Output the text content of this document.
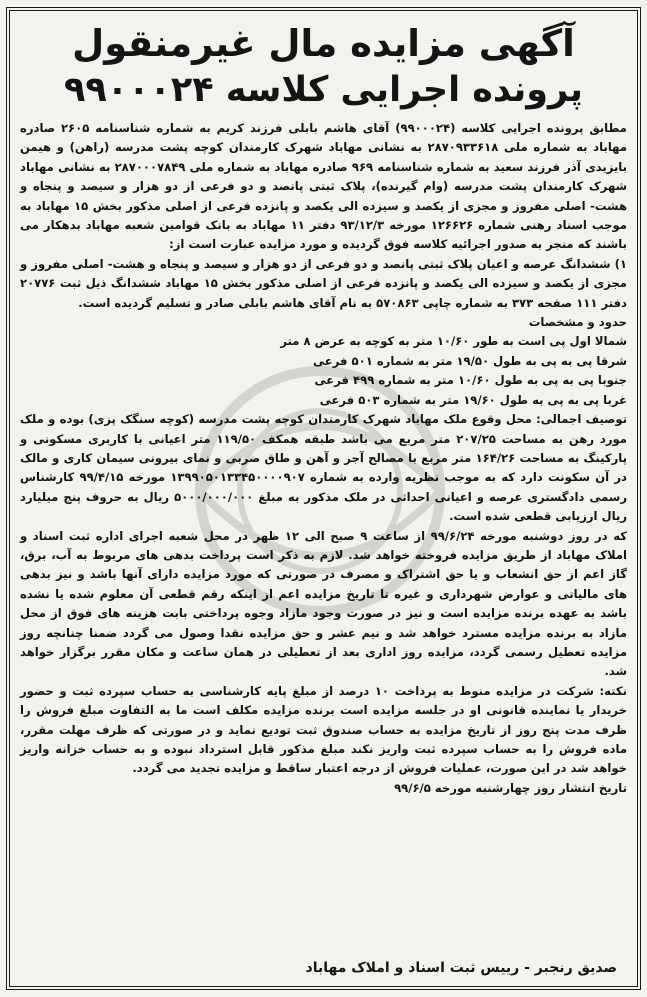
آگهی مزایده مال غیرمنقول
پرونده اجرایی کلاسه ۹۹۰۰۰۲۴

مطابق پرونده اجرایی کلاسه (۹۹۰۰۰۲۴) آقای هاشم بابلی فرزند کریم به شماره شناسنامه ۲۶۰۵ صادره مهاباد به شماره ملی ۲۸۷۰۹۳۳۶۱۸ به نشانی مهاباد شهرک کارمندان کوچه پشت مدرسه (راهن) و هیمن بایزیدی آذر فرزند سعید به شماره شناسنامه ۹۶۹ صادره مهاباد به شماره ملی ۲۸۷۰۰۰۷۸۴۹ به نشانی مهاباد شهرک کارمندان پشت مدرسه (وام گیرنده)، پلاک ثبتی پانصد و دو فرعی از دو هزار و سیصد و پنجاه و هشت- اصلی مفروز و مجزی از یکصد و سیزده الی یکصد و پانزده فرعی از اصلی مذکور بخش ۱۵ مهاباد به موجب اسناد رهنی شماره ۱۲۶۶۲۶ مورخه ۹۳/۱۲/۳ دفتر ۱۱ مهاباد به بانک قوامین شعبه مهاباد بدهکار می باشند که منجر به صدور اجرائیه کلاسه فوق گردیده و مورد مزایده عبارت است از:

۱) ششدانگ عرصه و اعیان پلاک ثبتی پانصد و دو فرعی از دو هزار و سیصد و پنجاه و هشت- اصلی مفروز و مجزی از یکصد و سیزده الی یکصد و پانزده فرعی از اصلی مذکور بخش ۱۵ مهاباد ششدانگ ذیل ثبت ۲۰۷۷۶ دفتر ۱۱۱ صفحه ۳۷۳ به شماره چاپی ۵۷۰۸۶۳ به نام آقای هاشم بابلی صادر و تسلیم گردیده است.

حدود و مشخصات

شمالا اول پی است به طور ۱۰/۶۰ متر به کوچه به عرض ۸ متر

شرقا پی به پی به طول ۱۹/۵۰ متر به شماره ۵۰۱ فرعی

جنوبا پی به پی به طول ۱۰/۶۰ متر به شماره ۴۹۹ فرعی

غربا پی به پی به طول ۱۹/۶۰ متر به شماره ۵۰۳ فرعی

توصیف اجمالی: محل وقوع ملک مهاباد شهرک کارمندان کوچه پشت مدرسه (کوچه سنگک پزی) بوده و ملک مورد رهن به مساحت ۲۰۷/۲۵ متر مربع می باشد طبقه همکف ۱۱۹/۵۰ متر اعیانی با کاربری مسکونی و پارکینگ به مساحت ۱۶۴/۲۶ متر مربع با مصالح آجر و آهن و طاق ضربی و نمای بیرونی سیمان کاری و مالک در آن سکونت دارد که به موجب نظریه وارده به شماره ۱۳۹۹۰۵۰۱۳۳۴۵۰۰۰۰۹۰۷ مورخه ۹۹/۴/۱۵ کارشناس رسمی دادگستری عرصه و اعیانی احداثی در ملک مذکور به مبلغ ۵۰۰۰/۰۰۰/۰۰۰ ریال به حروف پنج میلیارد ریال ارزیابی قطعی شده است.

که در روز دوشنبه مورخه ۹۹/۶/۲۴ از ساعت ۹ صبح الی ۱۲ ظهر در محل شعبه اجرای اداره ثبت اسناد و املاک مهاباد از طریق مزایده فروخته خواهد شد. لازم به ذکر است پرداخت بدهی های مربوط به آب، برق، گاز اعم از حق انشعاب و یا حق اشتراک و مصرف در صورتی که مورد مزایده دارای آنها باشد و نیز بدهی های مالیاتی و عوارض شهرداری و غیره تا تاریخ مزایده اعم از اینکه رقم قطعی آن معلوم شده یا نشده باشد به عهده برنده مزایده است و نیز در صورت وجود مازاد وجوه پرداختی بابت هزینه های فوق از محل مازاد به برنده مزایده مسترد خواهد شد و نیم عشر و حق مزایده نقدا وصول می گردد ضمنا چنانچه روز مزایده تعطیل رسمی گردد، مزایده روز اداری بعد از تعطیلی در همان ساعت و مکان مقرر برگزار خواهد شد.

نکته: شرکت در مزایده منوط به پرداخت ۱۰ درصد از مبلغ پایه کارشناسی به حساب سپرده ثبت و حضور خریدار یا نماینده قانونی او در جلسه مزایده است برنده مزایده مکلف است ما به التفاوت مبلغ فروش را ظرف مدت پنج روز از تاریخ مزایده به حساب صندوق ثبت تودیع نماید و در صورتی که ظرف مهلت مقرر، ماده فروش را به حساب سپرده ثبت واریز نکند مبلغ مذکور قابل استرداد نبوده و به حساب خزانه واریز خواهد شد در این صورت، عملیات فروش از درجه اعتبار ساقط و مزایده تجدید می گردد.

تاریخ انتشار روز چهارشنبه مورخه ۹۹/۶/۵

صدیق رنجبر - رییس ثبت اسناد و املاک مهاباد
